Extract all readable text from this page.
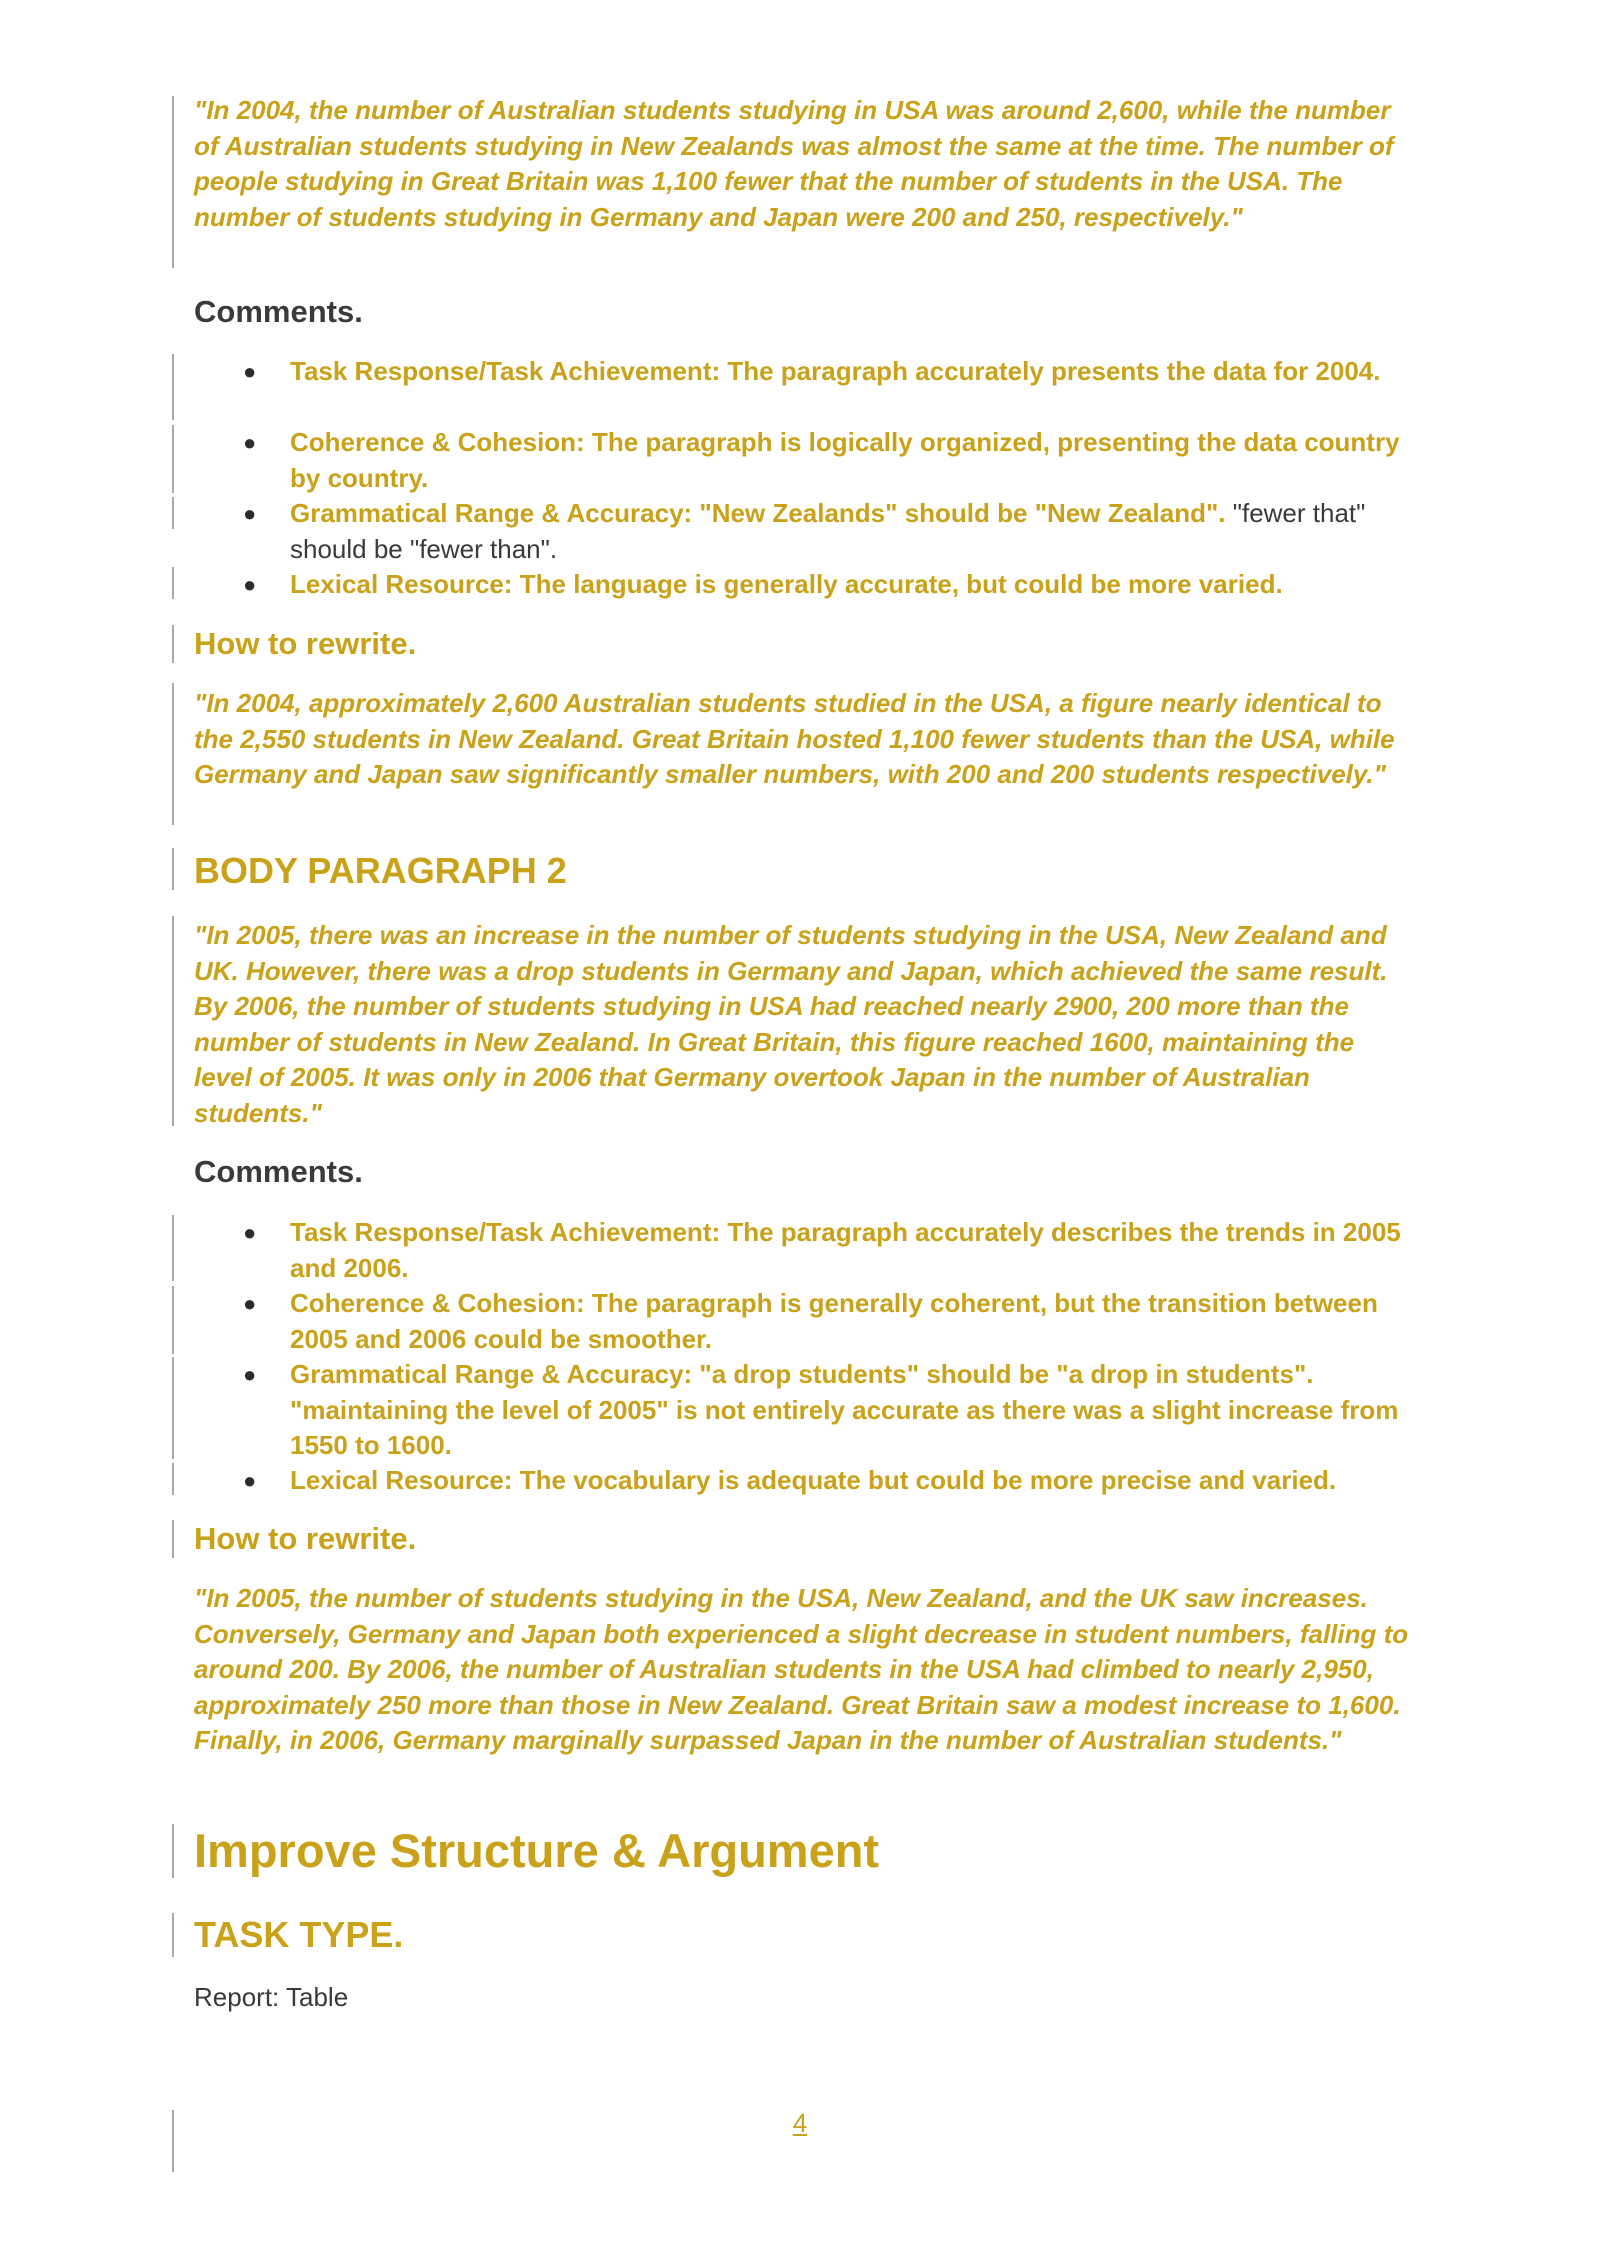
"In 2004, the number of Australian students studying in USA was around 2,600, while the number of Australian students studying in New Zealands was almost the same at the time. The number of people studying in Great Britain was 1,100 fewer that the number of students in the USA. The number of students studying in Germany and Japan were 200 and 250, respectively."

Comments.

● Task Response/Task Achievement: The paragraph accurately presents the data for 2004.
● Coherence & Cohesion: The paragraph is logically organized, presenting the data country by country.
● Grammatical Range & Accuracy: "New Zealands" should be "New Zealand". "fewer that" should be "fewer than".
● Lexical Resource: The language is generally accurate, but could be more varied.

How to rewrite.

"In 2004, approximately 2,600 Australian students studied in the USA, a figure nearly identical to the 2,550 students in New Zealand. Great Britain hosted 1,100 fewer students than the USA, while Germany and Japan saw significantly smaller numbers, with 200 and 200 students respectively."

BODY PARAGRAPH 2

"In 2005, there was an increase in the number of students studying in the USA, New Zealand and UK. However, there was a drop students in Germany and Japan, which achieved the same result. By 2006, the number of students studying in USA had reached nearly 2900, 200 more than the number of students in New Zealand. In Great Britain, this figure reached 1600, maintaining the level of 2005. It was only in 2006 that Germany overtook Japan in the number of Australian students."

Comments.

● Task Response/Task Achievement: The paragraph accurately describes the trends in 2005 and 2006.
● Coherence & Cohesion: The paragraph is generally coherent, but the transition between 2005 and 2006 could be smoother.
● Grammatical Range & Accuracy: "a drop students" should be "a drop in students". "maintaining the level of 2005" is not entirely accurate as there was a slight increase from 1550 to 1600.
● Lexical Resource: The vocabulary is adequate but could be more precise and varied.

How to rewrite.

"In 2005, the number of students studying in the USA, New Zealand, and the UK saw increases. Conversely, Germany and Japan both experienced a slight decrease in student numbers, falling to around 200. By 2006, the number of Australian students in the USA had climbed to nearly 2,950, approximately 250 more than those in New Zealand. Great Britain saw a modest increase to 1,600. Finally, in 2006, Germany marginally surpassed Japan in the number of Australian students."

Improve Structure & Argument

TASK TYPE.

Report: Table

4
